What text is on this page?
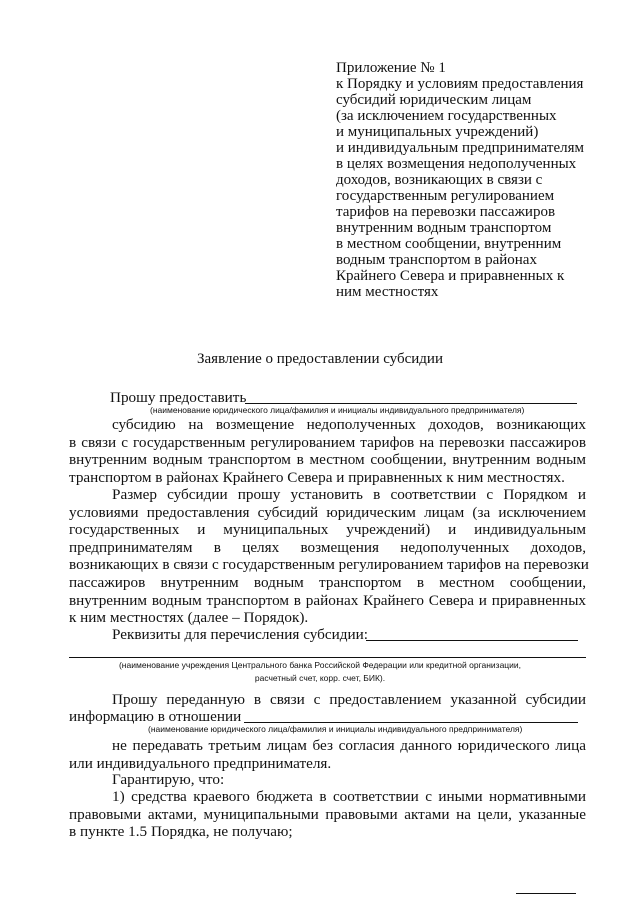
Приложение № 1
к Порядку и условиям предоставления
субсидий юридическим лицам
(за исключением государственных
и муниципальных учреждений)
и индивидуальным предпринимателям
в целях возмещения недополученных
доходов, возникающих в связи с
государственным регулированием
тарифов на перевозки пассажиров
внутренним водным транспортом
в местном сообщении, внутренним
водным транспортом в районах
Крайнего Севера и приравненных к
ним местностях
Заявление о предоставлении субсидии
Прошу предоставить
(наименование юридического лица/фамилия и инициалы индивидуального предпринимателя)
субсидию на возмещение недополученных доходов, возникающих
в связи с государственным регулированием тарифов на перевозки пассажиров
внутренним водным транспортом в местном сообщении, внутренним водным
транспортом в районах Крайнего Севера и приравненных к ним местностях.
Размер субсидии прошу установить в соответствии с Порядком и
условиями предоставления субсидий юридическим лицам (за исключением
государственных и муниципальных учреждений) и индивидуальным
предпринимателям в целях возмещения недополученных доходов,
возникающих в связи с государственным регулированием тарифов на перевозки
пассажиров внутренним водным транспортом в местном сообщении,
внутренним водным транспортом в районах Крайнего Севера и приравненных
к ним местностях (далее – Порядок).
Реквизиты для перечисления субсидии:
(наименование учреждения Центрального банка Российской Федерации или кредитной организации,
расчетный счет, корр. счет, БИК).
Прошу переданную в связи с предоставлением указанной субсидии
информацию в отношении
(наименование юридического лица/фамилия и инициалы индивидуального предпринимателя)
не передавать третьим лицам без согласия данного юридического лица
или индивидуального предпринимателя.
Гарантирую, что:
1) средства краевого бюджета в соответствии с иными нормативными
правовыми актами, муниципальными правовыми актами на цели, указанные
в пункте 1.5 Порядка, не получаю;
